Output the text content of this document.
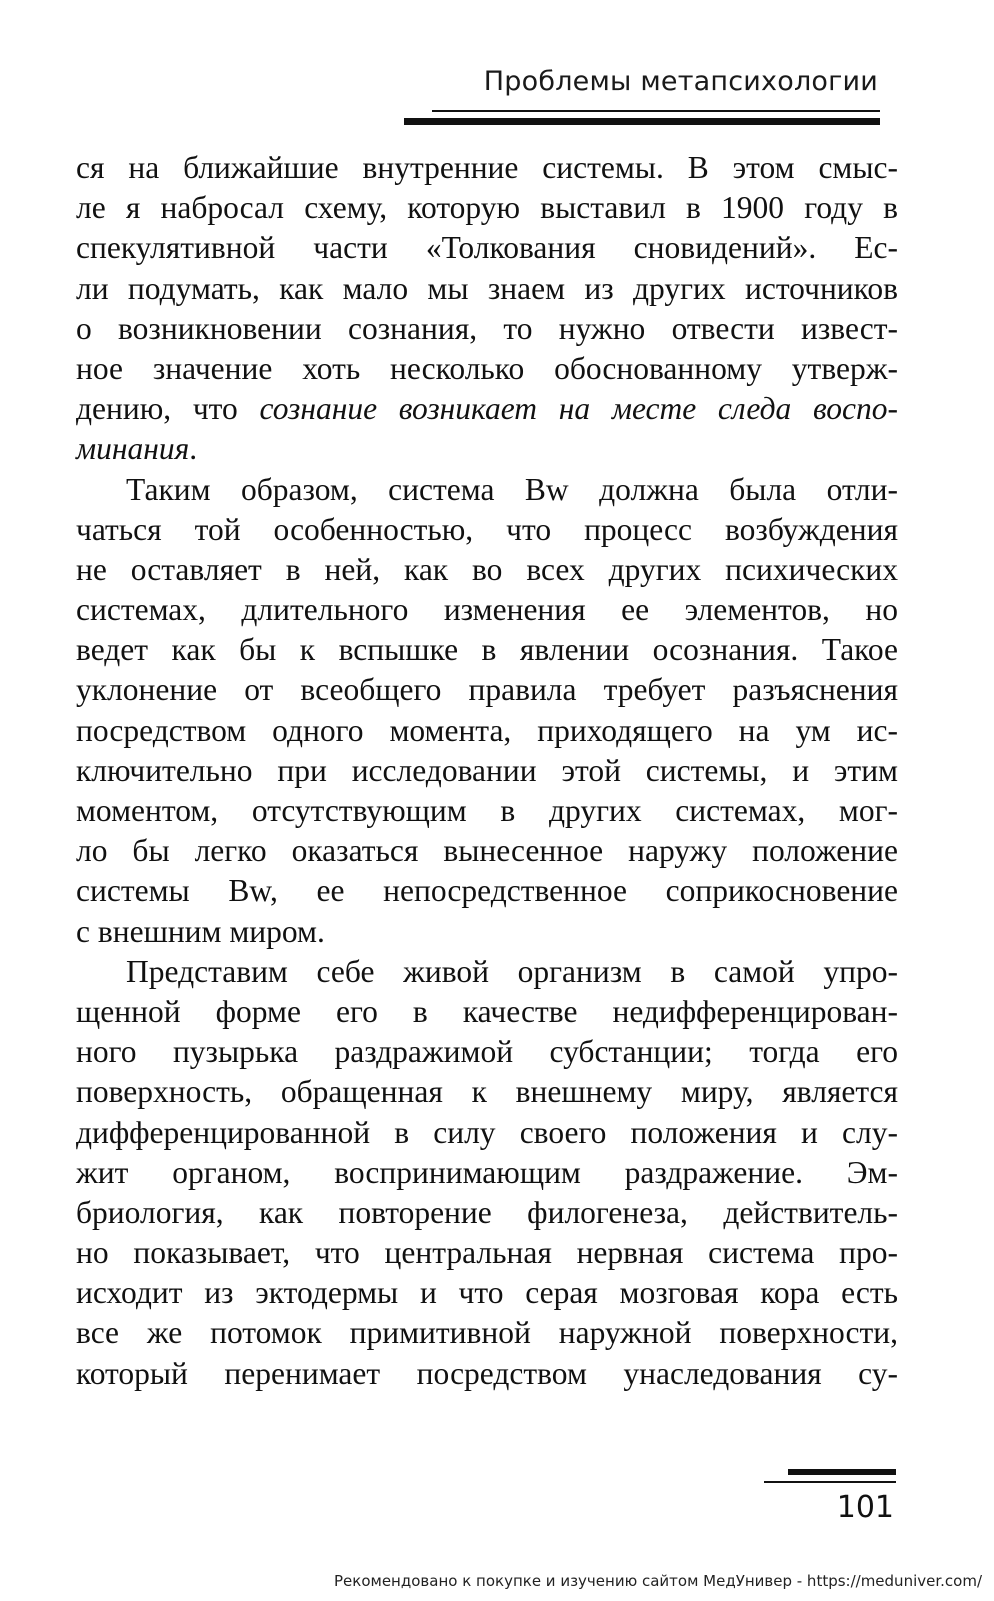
Проблемы метапсихологии
ся на ближайшие внутренние системы. В этом смыс-
ле я набросал схему, которую выставил в 1900 году в
спекулятивной части «Толкования сновидений». Ес-
ли подумать, как мало мы знаем из других источников
о возникновении сознания, то нужно отвести извест-
ное значение хоть несколько обоснованному утверж-
дению, что сознание возникает на месте следа воспо-
минания.
Таким образом, система Bw должна была отли-
чаться той особенностью, что процесс возбуждения
не оставляет в ней, как во всех других психических
системах, длительного изменения ее элементов, но
ведет как бы к вспышке в явлении осознания. Такое
уклонение от всеобщего правила требует разъяснения
посредством одного момента, приходящего на ум ис-
ключительно при исследовании этой системы, и этим
моментом, отсутствующим в других системах, мог-
ло бы легко оказаться вынесенное наружу положение
системы Bw, ее непосредственное соприкосновение
с внешним миром.
Представим себе живой организм в самой упро-
щенной форме его в качестве недифференцирован-
ного пузырька раздражимой субстанции; тогда его
поверхность, обращенная к внешнему миру, является
дифференцированной в силу своего положения и слу-
жит органом, воспринимающим раздражение. Эм-
бриология, как повторение филогенеза, действитель-
но показывает, что центральная нервная система про-
исходит из эктодермы и что серая мозговая кора есть
все же потомок примитивной наружной поверхности,
который перенимает посредством унаследования су-
101
Рекомендовано к покупке и изучению сайтом МедУнивер - https://meduniver.com/
